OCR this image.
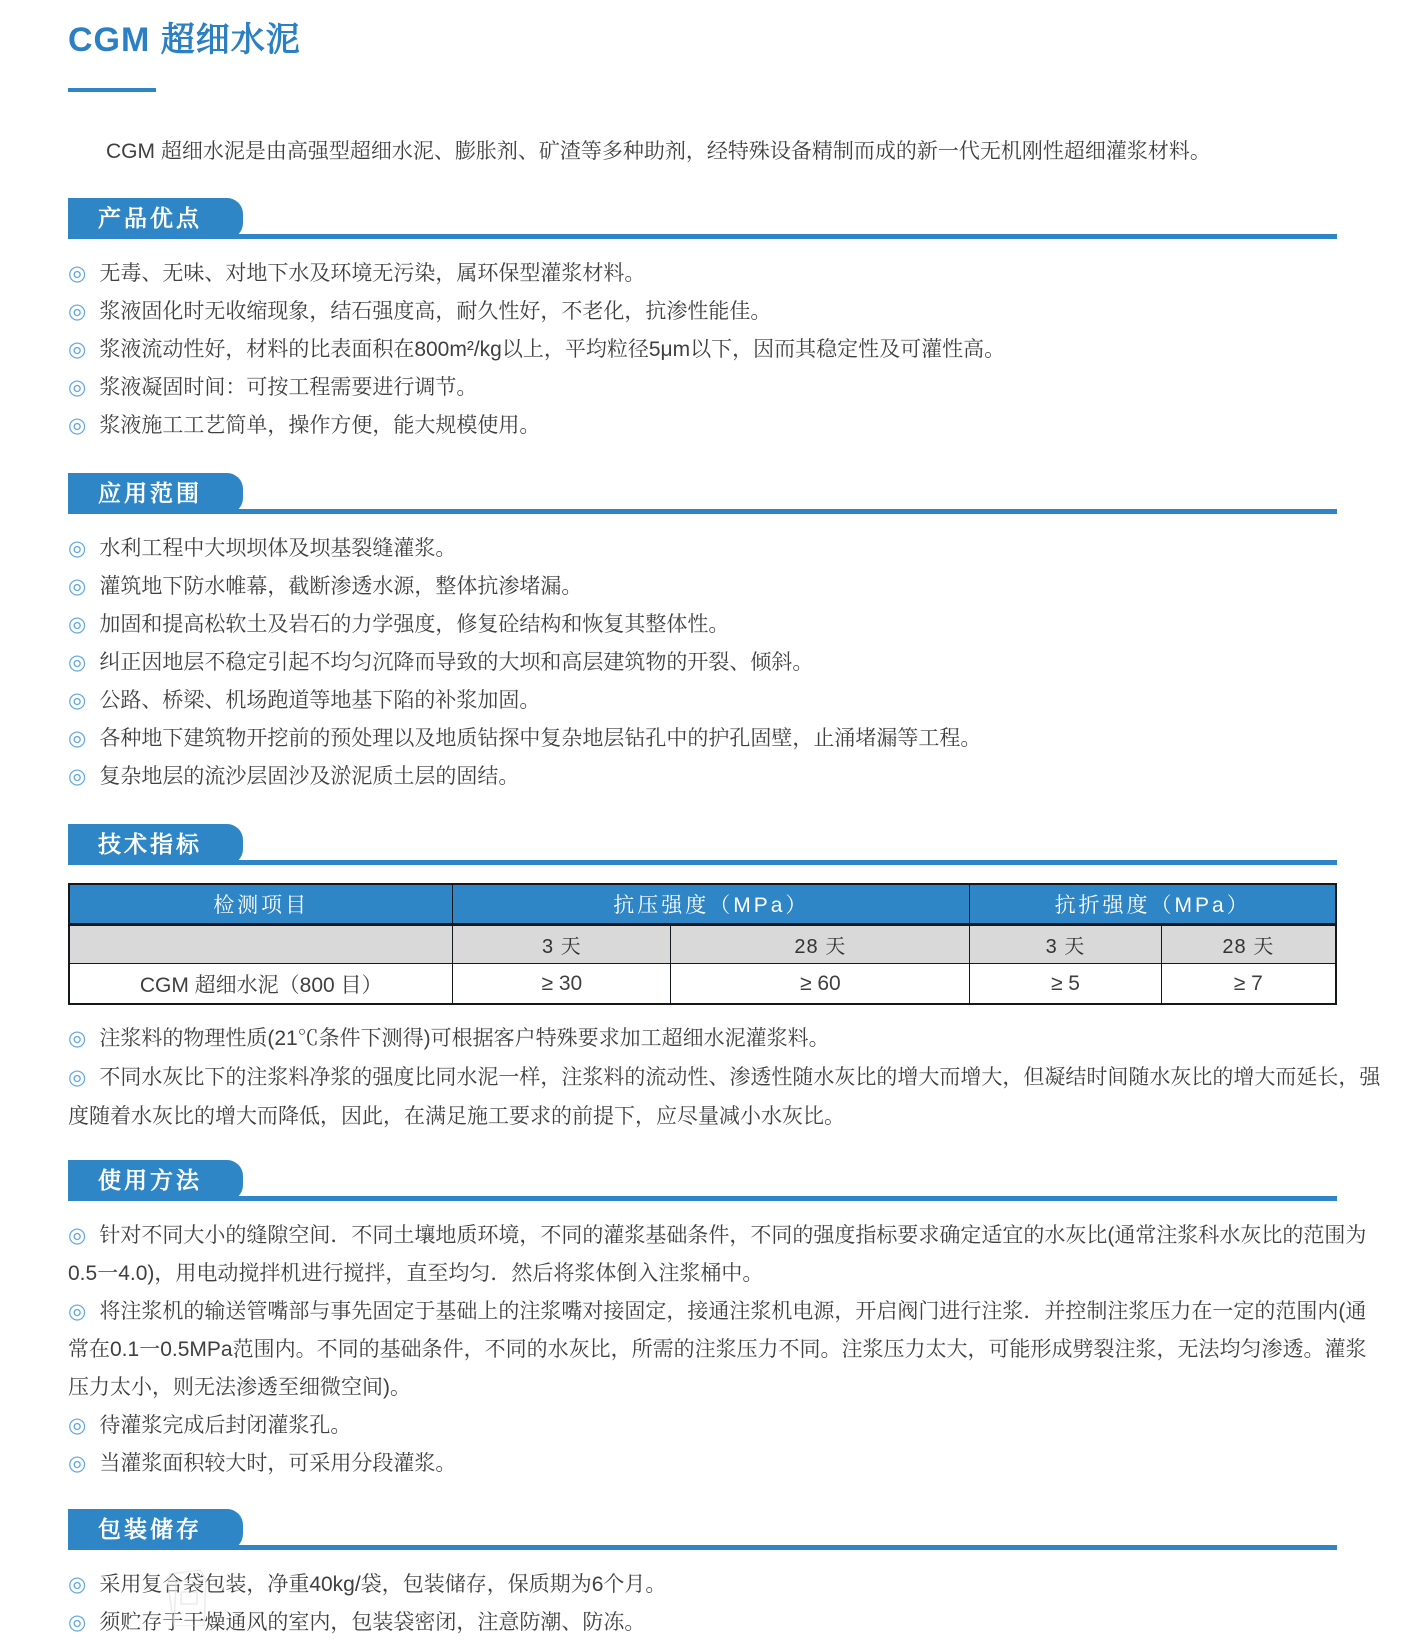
CGM 超细水泥

CGM 超细水泥是由高强型超细水泥、膨胀剂、矿渣等多种助剂，经特殊设备精制而成的新一代无机刚性超细灌浆材料。

产品优点

◎ 无毒、无味、对地下水及环境无污染，属环保型灌浆材料。

◎ 浆液固化时无收缩现象，结石强度高，耐久性好，不老化，抗渗性能佳。

◎ 浆液流动性好，材料的比表面积在800m²/kg以上，平均粒径5μm以下，因而其稳定性及可灌性高。

◎ 浆液凝固时间：可按工程需要进行调节。

◎ 浆液施工工艺简单，操作方便，能大规模使用。

应用范围

◎ 水利工程中大坝坝体及坝基裂缝灌浆。

◎ 灌筑地下防水帷幕，截断渗透水源，整体抗渗堵漏。

◎ 加固和提高松软土及岩石的力学强度，修复砼结构和恢复其整体性。

◎ 纠正因地层不稳定引起不均匀沉降而导致的大坝和高层建筑物的开裂、倾斜。

◎ 公路、桥梁、机场跑道等地基下陷的补浆加固。

◎ 各种地下建筑物开挖前的预处理以及地质钻探中复杂地层钻孔中的护孔固壁，止涌堵漏等工程。

◎ 复杂地层的流沙层固沙及淤泥质土层的固结。

技术指标
检测项目	抗压强度（MPa）		抗折强度（MPa）	
	3 天	28 天	3 天	28 天
CGM 超细水泥（800 目）	≥ 30	≥ 60	≥ 5	≥ 7

◎ 注浆料的物理性质(21℃条件下测得)可根据客户特殊要求加工超细水泥灌浆料。

◎ 不同水灰比下的注浆料净浆的强度比同水泥一样，注浆料的流动性、渗透性随水灰比的增大而增大，但凝结时间随水灰比的增大而延长，强度随着水灰比的增大而降低，因此，在满足施工要求的前提下，应尽量减小水灰比。

使用方法

◎ 针对不同大小的缝隙空间．不同土壤地质环境，不同的灌浆基础条件，不同的强度指标要求确定适宜的水灰比(通常注浆科水灰比的范围为0.5一4.0)，用电动搅拌机进行搅拌，直至均匀．然后将浆体倒入注浆桶中。

◎ 将注浆机的输送管嘴部与事先固定于基础上的注浆嘴对接固定，接通注浆机电源，开启阀门进行注浆．并控制注浆压力在一定的范围内(通常在0.1一0.5MPa范围内。不同的基础条件，不同的水灰比，所需的注浆压力不同。注浆压力太大，可能形成劈裂注浆，无法均匀渗透。灌浆压力太小，则无法渗透至细微空间)。

◎ 待灌浆完成后封闭灌浆孔。

◎ 当灌浆面积较大时，可采用分段灌浆。

包装储存

◎ 采用复合袋包装，净重40kg/袋，包装储存，保质期为6个月。

◎ 须贮存于干燥通风的室内，包装袋密闭，注意防潮、防冻。
